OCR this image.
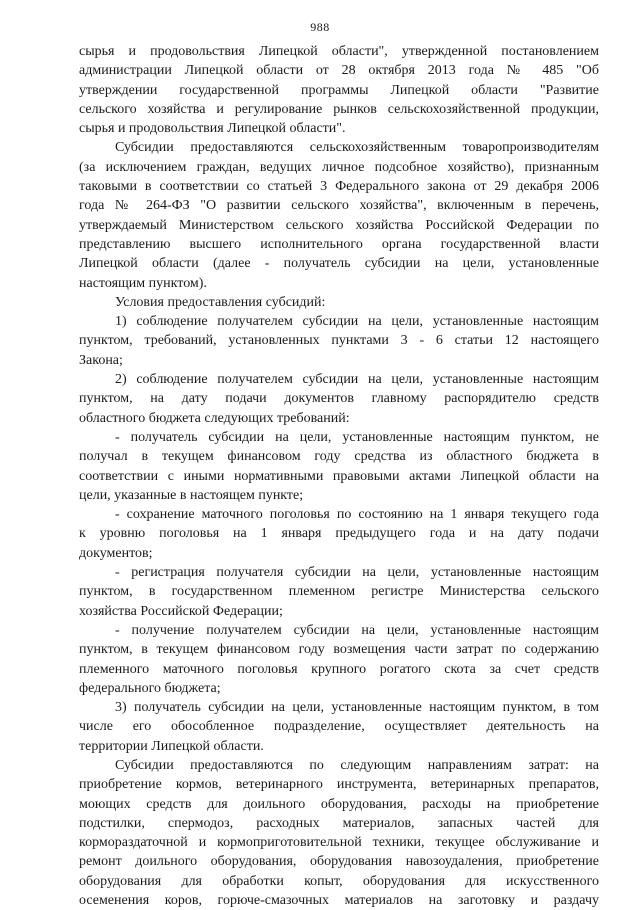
988

сырья и продовольствия Липецкой области", утвержденной постановлением

администрации Липецкой области от 28 октября 2013 года № 485 "Об

утверждении государственной программы Липецкой области "Развитие

сельского хозяйства и регулирование рынков сельскохозяйственной продукции,

сырья и продовольствия Липецкой области".

Субсидии предоставляются сельскохозяйственным товаропроизводителям

(за исключением граждан, ведущих личное подсобное хозяйство), признанным

таковыми в соответствии со статьей 3 Федерального закона от 29 декабря 2006

года № 264-ФЗ "О развитии сельского хозяйства", включенным в перечень,

утверждаемый Министерством сельского хозяйства Российской Федерации по

представлению высшего исполнительного органа государственной власти

Липецкой области (далее - получатель субсидии на цели, установленные

настоящим пунктом).

Условия предоставления субсидий:

1) соблюдение получателем субсидии на цели, установленные настоящим

пунктом, требований, установленных пунктами 3 - 6 статьи 12 настоящего

Закона;

2) соблюдение получателем субсидии на цели, установленные настоящим

пунктом, на дату подачи документов главному распорядителю средств

областного бюджета следующих требований:

- получатель субсидии на цели, установленные настоящим пунктом, не

получал в текущем финансовом году средства из областного бюджета в

соответствии с иными нормативными правовыми актами Липецкой области на

цели, указанные в настоящем пункте;

- сохранение маточного поголовья по состоянию на 1 января текущего года

к уровню поголовья на 1 января предыдущего года и на дату подачи

документов;

- регистрация получателя субсидии на цели, установленные настоящим

пунктом, в государственном племенном регистре Министерства сельского

хозяйства Российской Федерации;

- получение получателем субсидии на цели, установленные настоящим

пунктом, в текущем финансовом году возмещения части затрат по содержанию

племенного маточного поголовья крупного рогатого скота за счет средств

федерального бюджета;

3) получатель субсидии на цели, установленные настоящим пунктом, в том

числе его обособленное подразделение, осуществляет деятельность на

территории Липецкой области.

Субсидии предоставляются по следующим направлениям затрат: на

приобретение кормов, ветеринарного инструмента, ветеринарных препаратов,

моющих средств для доильного оборудования, расходы на приобретение

подстилки, спермодоз, расходных материалов, запасных частей для

кормораздаточной и кормоприготовительной техники, текущее обслуживание и

ремонт доильного оборудования, оборудования навозоудаления, приобретение

оборудования для обработки копыт, оборудования для искусственного

осеменения коров, горюче-смазочных материалов на заготовку и раздачу
